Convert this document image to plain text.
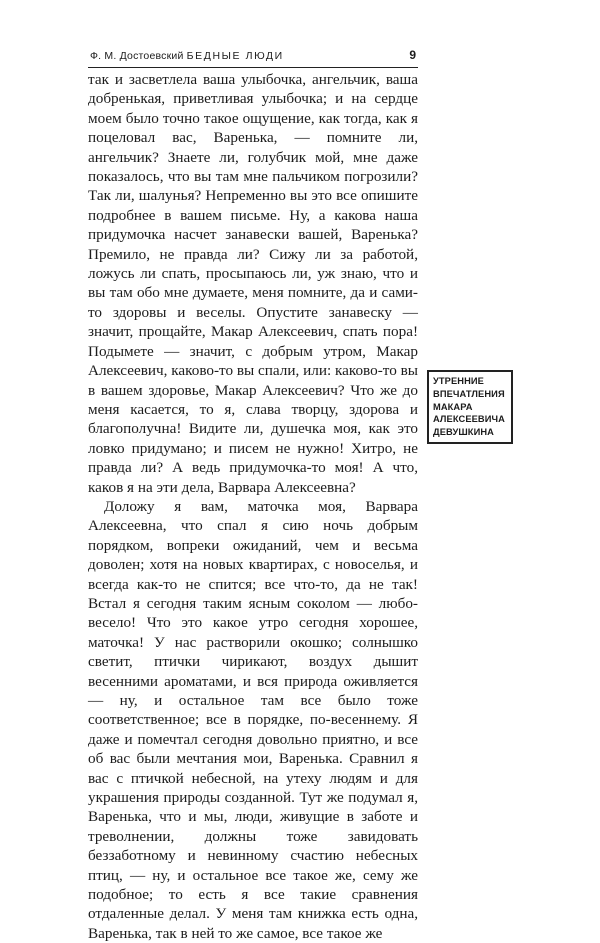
Ф. М. Достоевский БЕДНЫЕ ЛЮДИ	9

так и засветлела ваша улыбочка, ангельчик, ваша добренькая, приветливая улыбочка; и на сердце моем было точно такое ощущение, как тогда, как я поцеловал вас, Варенька, — помните ли, ангельчик? Знаете ли, голубчик мой, мне даже показалось, что вы там мне пальчиком погрозили? Так ли, шалунья? Непременно вы это все опишите подробнее в вашем письме. Ну, а какова наша придумочка насчет занавески вашей, Варенька? Премило, не правда ли? Сижу ли за работой, ложусь ли спать, просыпаюсь ли, уж знаю, что и вы там обо мне думаете, меня помните, да и сами-то здоровы и веселы. Опустите занавеску — значит, прощайте, Макар Алексеевич, спать пора! Подымете — значит, с добрым утром, Макар Алексеевич, каково-то вы спали, или: каково-то вы в вашем здоровье, Макар Алексеевич? Что же до меня касается, то я, слава творцу, здорова и благополучна! Видите ли, душечка моя, как это ловко придумано; и писем не нужно! Хитро, не правда ли? А ведь придумочка-то моя! А что, каков я на эти дела, Варвара Алексеевна?

Доложу я вам, маточка моя, Варвара Алексеевна, что спал я сию ночь добрым порядком, вопреки ожиданий, чем и весьма доволен; хотя на новых квартирах, с новоселья, и всегда как-то не спится; все что-то, да не так! Встал я сегодня таким ясным соколом — любо-весело! Что это какое утро сегодня хорошее, маточка! У нас растворили окошко; солнышко светит, птички чирикают, воздух дышит весенними ароматами, и вся природа оживляется — ну, и остальное там все было тоже соответственное; все в порядке, по-весеннему. Я даже и помечтал сегодня довольно приятно, и все об вас были мечтания мои, Варенька. Сравнил я вас с птичкой небесной, на утеху людям и для украшения природы созданной. Тут же подумал я, Варенька, что и мы, люди, живущие в заботе и треволнении, должны тоже завидовать беззаботному и невинному счастию небесных птиц, — ну, и остальное все такое же, сему же подобное; то есть я все такие сравнения отдаленные делал. У меня там книжка есть одна, Варенька, так в ней то же самое, все такое же

УТРЕННИЕ
ВПЕЧАТЛЕНИЯ
МАКАРА
АЛЕКСЕЕВИЧА
ДЕВУШКИНА
